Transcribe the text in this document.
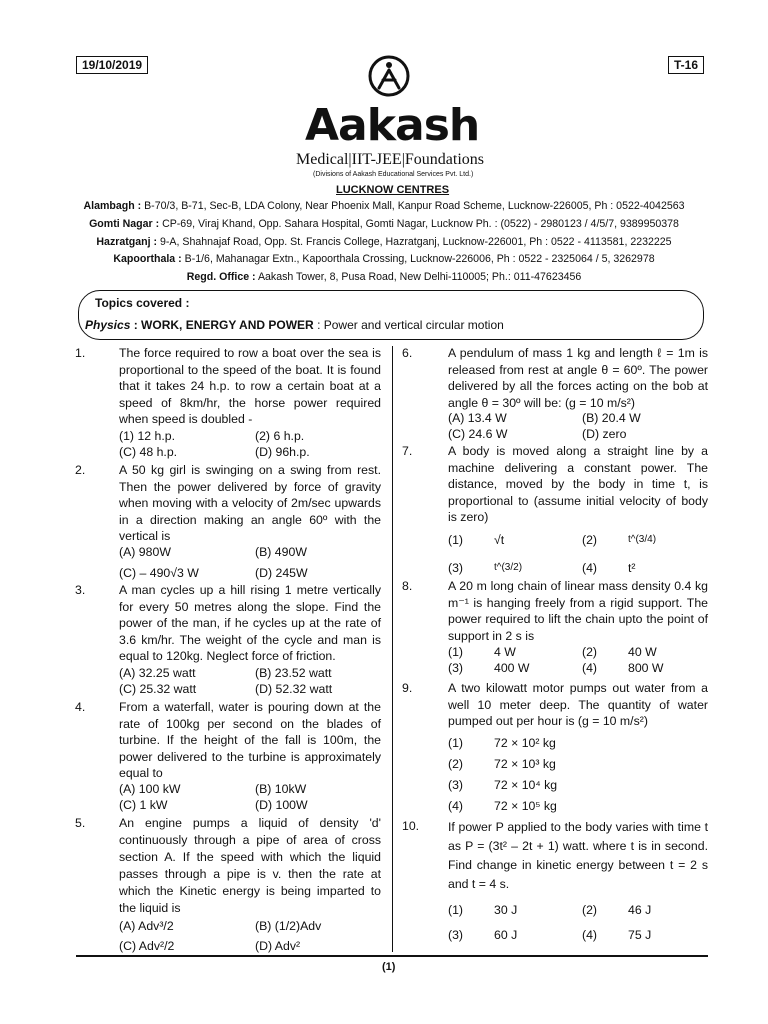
19/10/2019	T-16
Aakash
Medical|IIT-JEE|Foundations
(Divisions of Aakash Educational Services Pvt. Ltd.)
LUCKNOW CENTRES
Alambagh : B-70/3, B-71, Sec-B, LDA Colony, Near Phoenix Mall, Kanpur Road Scheme, Lucknow-226005, Ph : 0522-4042563
Gomti Nagar : CP-69, Viraj Khand, Opp. Sahara Hospital, Gomti Nagar, Lucknow Ph. : (0522) - 2980123 / 4/5/7, 9389950378
Hazratganj : 9-A, Shahnajaf Road, Opp. St. Francis College, Hazratganj, Lucknow-226001, Ph : 0522 - 4113581, 2232225
Kapoorthala : B-1/6, Mahanagar Extn., Kapoorthala Crossing, Lucknow-226006, Ph : 0522 - 2325064 / 5, 3262978
Regd. Office : Aakash Tower, 8, Pusa Road, New Delhi-110005; Ph.: 011-47623456
Topics covered :
Physics : WORK, ENERGY AND POWER : Power and vertical circular motion
1.	The force required to row a boat over the sea is proportional to the speed of the boat. It is found that it takes 24 h.p. to row a certain boat at a speed of 8km/hr, the horse power required when speed is doubled -
(1) 12 h.p.	(2) 6 h.p.
(C) 48 h.p.	(D) 96h.p.
2.	A 50 kg girl is swinging on a swing from rest. Then the power delivered by force of gravity when moving with a velocity of 2m/sec upwards in a direction making an angle 60º with the vertical is
(A) 980W	(B) 490W
(C) – 490√3 W	(D) 245W
3.	A man cycles up a hill rising 1 metre vertically for every 50 metres along the slope. Find the power of the man, if he cycles up at the rate of 3.6 km/hr. The weight of the cycle and man is equal to 120kg. Neglect force of friction.
(A) 32.25 watt	(B) 23.52 watt
(C) 25.32 watt	(D) 52.32 watt
4.	From a waterfall, water is pouring down at the rate of 100kg per second on the blades of turbine. If the height of the fall is 100m, the power delivered to the turbine is approximately equal to
(A) 100 kW	(B) 10kW
(C) 1 kW	(D) 100W
5.	An engine pumps a liquid of density 'd' continuously through a pipe of area of cross section A. If the speed with which the liquid passes through a pipe is v. then the rate at which the Kinetic energy is being imparted to the liquid is
(A) Adv³/2	(B) (1/2)Adv
(C) Adv²/2	(D) Adv²
6.	A pendulum of mass 1 kg and length ℓ = 1m is released from rest at angle θ = 60º. The power delivered by all the forces acting on the bob at angle θ = 30º will be: (g = 10 m/s²)
(A) 13.4 W	(B) 20.4 W
(C) 24.6 W	(D) zero
7.	A body is moved along a straight line by a machine delivering a constant power. The distance, moved by the body in time t, is proportional to (assume initial velocity of body is zero)
(1)	√t	(2)	t^(3/4)
(3)	t^(3/2)	(4)	t²
8.	A 20 m long chain of linear mass density 0.4 kg m⁻¹ is hanging freely from a rigid support. The power required to lift the chain upto the point of support in 2 s is
(1)	4 W	(2)	40 W
(3)	400 W	(4)	800 W
9.	A two kilowatt motor pumps out water from a well 10 meter deep. The quantity of water pumped out per hour is (g = 10 m/s²)
(1)	72 × 10² kg
(2)	72 × 10³ kg
(3)	72 × 10⁴ kg
(4)	72 × 10⁵ kg
10. If power P applied to the body varies with time t as P = (3t² – 2t + 1) watt. where t is in second. Find change in kinetic energy between t = 2 s and t = 4 s.
(1)	30 J	(2)	46 J
(3)	60 J	(4)	75 J
(1)
